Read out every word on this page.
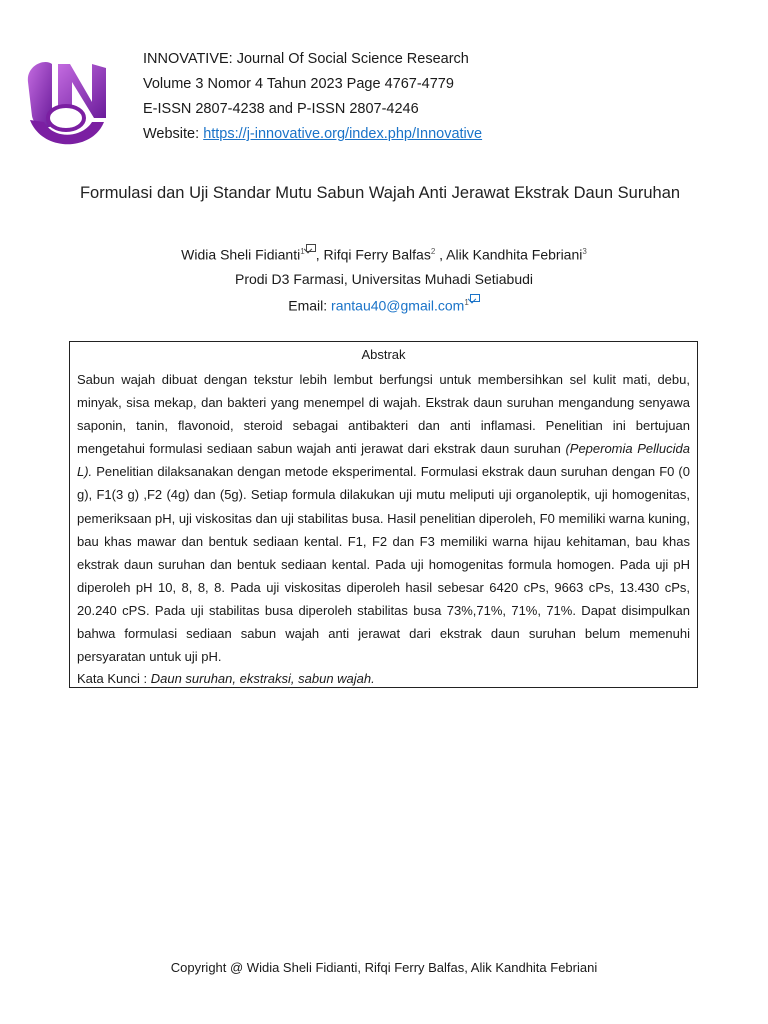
INNOVATIVE: Journal Of Social Science Research
Volume 3 Nomor 4 Tahun 2023 Page 4767-4779
E-ISSN 2807-4238 and P-ISSN 2807-4246
Website: https://j-innovative.org/index.php/Innovative
Formulasi dan Uji Standar Mutu Sabun Wajah Anti Jerawat Ekstrak Daun Suruhan
Widia Sheli Fidianti$^1$ , Rifqi Ferry Balfas$^2$ , Alik Kandhita Febriani$^3$
Prodi D3 Farmasi, Universitas Muhadi Setiabudi
Email: rantau40@gmail.com$^1$
Abstrak
Sabun wajah dibuat dengan tekstur lebih lembut berfungsi untuk membersihkan sel kulit mati, debu, minyak, sisa mekap, dan bakteri yang menempel di wajah. Ekstrak daun suruhan mengandung senyawa saponin, tanin, flavonoid, steroid sebagai antibakteri dan anti inflamasi. Penelitian ini bertujuan mengetahui formulasi sediaan sabun wajah anti jerawat dari ekstrak daun suruhan (Peperomia Pellucida L). Penelitian dilaksanakan dengan metode eksperimental. Formulasi ekstrak daun suruhan dengan F0 (0 g), F1(3 g) ,F2 (4g) dan (5g). Setiap formula dilakukan uji mutu meliputi uji organoleptik, uji homogenitas, pemeriksaan pH, uji viskositas dan uji stabilitas busa. Hasil penelitian diperoleh, F0 memiliki warna kuning, bau khas mawar dan bentuk sediaan kental. F1, F2 dan F3 memiliki warna hijau kehitaman, bau khas ekstrak daun suruhan dan bentuk sediaan kental. Pada uji homogenitas formula homogen. Pada uji pH diperoleh pH 10, 8, 8, 8. Pada uji viskositas diperoleh hasil sebesar 6420 cPs, 9663 cPs, 13.430 cPs, 20.240 cPS. Pada uji stabilitas busa diperoleh stabilitas busa 73%,71%, 71%, 71%. Dapat disimpulkan bahwa formulasi sediaan sabun wajah anti jerawat dari ekstrak daun suruhan belum memenuhi persyaratan untuk uji pH.
Kata Kunci : Daun suruhan, ekstraksi, sabun wajah.
Copyright @ Widia Sheli Fidianti, Rifqi Ferry Balfas, Alik Kandhita Febriani
